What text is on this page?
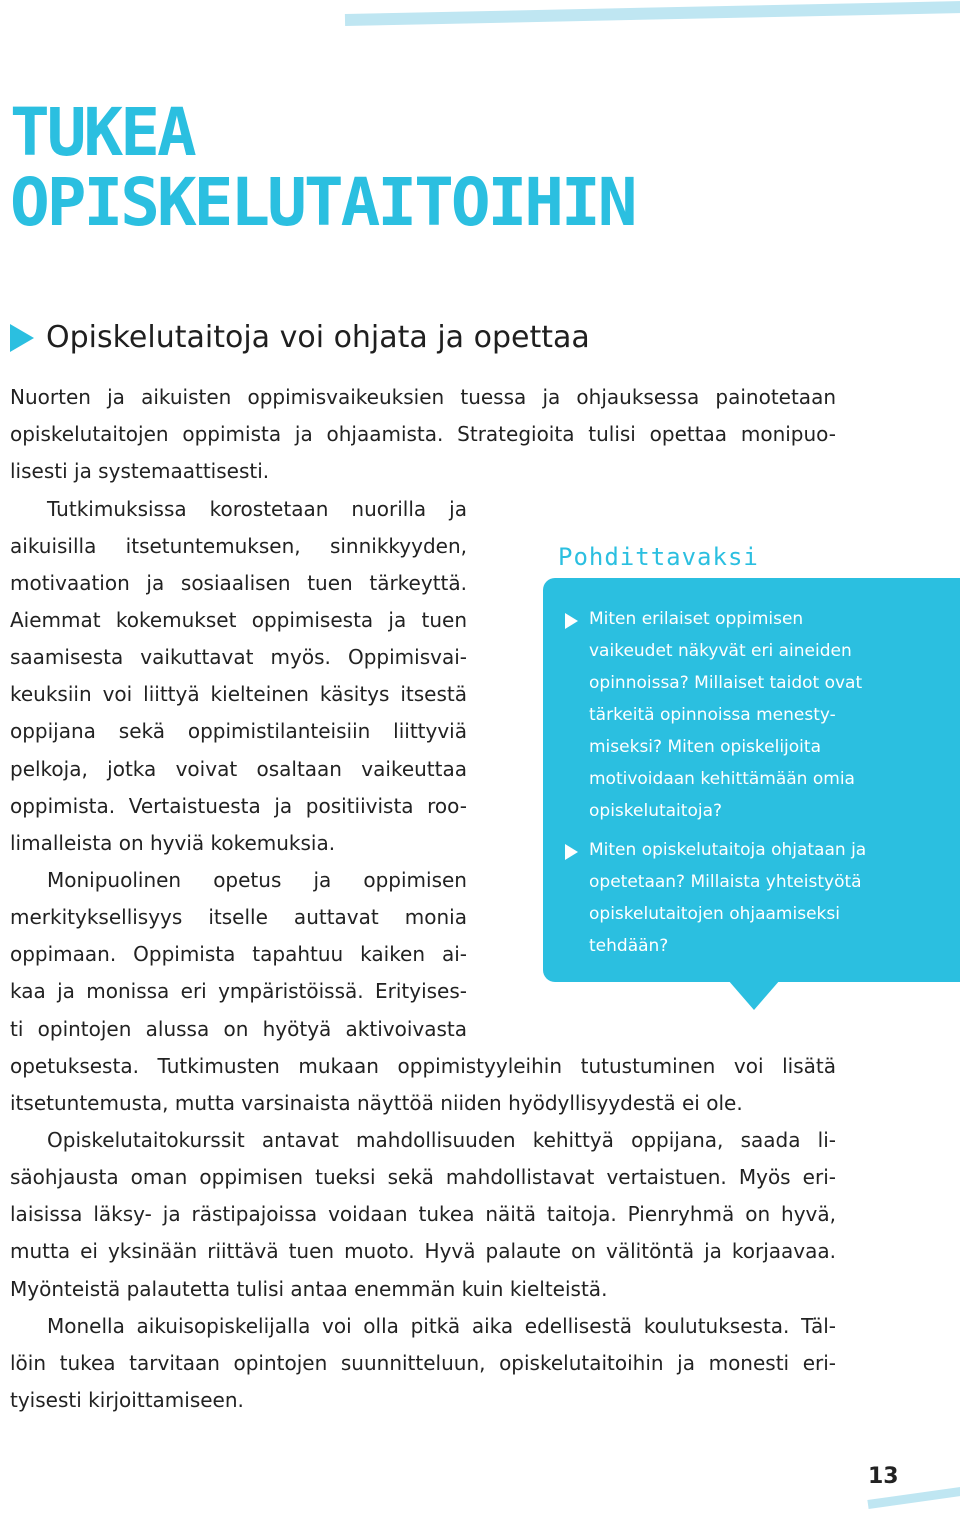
TUKEA
OPISKELUTAITOIHIN
Opiskelutaitoja voi ohjata ja opettaa

Nuorten ja aikuisten oppimisvaikeuksien tuessa ja ohjauksessa painotetaan

opiskelutaitojen oppimista ja ohjaamista. Strategioita tulisi opettaa monipuo-

lisesti ja systemaattisesti.

Tutkimuksissa korostetaan nuorilla ja

aikuisilla itsetuntemuksen, sinnikkyyden,

motivaation ja sosiaalisen tuen tärkeyttä.

Aiemmat kokemukset oppimisesta ja tuen

saamisesta vaikuttavat myös. Oppimisvai-

keuksiin voi liittyä kielteinen käsitys itsestä

oppijana sekä oppimistilanteisiin liittyviä

pelkoja, jotka voivat osaltaan vaikeuttaa

oppimista. Vertaistuesta ja positiivista roo-

limalleista on hyviä kokemuksia.

Monipuolinen opetus ja oppimisen

merkityksellisyys itselle auttavat monia

oppimaan. Oppimista tapahtuu kaiken ai-

kaa ja monissa eri ympäristöissä. Erityises-

ti opintojen alussa on hyötyä aktivoivasta

opetuksesta. Tutkimusten mukaan oppimistyyleihin tutustuminen voi lisätä

itsetuntemusta, mutta varsinaista näyttöä niiden hyödyllisyydestä ei ole.

Opiskelutaitokurssit antavat mahdollisuuden kehittyä oppijana, saada li-

säohjausta oman oppimisen tueksi sekä mahdollistavat vertaistuen. Myös eri-

laisissa läksy- ja rästipajoissa voidaan tukea näitä taitoja. Pienryhmä on hyvä,

mutta ei yksinään riittävä tuen muoto. Hyvä palaute on välitöntä ja korjaavaa.

Myönteistä palautetta tulisi antaa enemmän kuin kielteistä.

Monella aikuisopiskelijalla voi olla pitkä aika edellisestä koulutuksesta. Täl-

löin tukea tarvitaan opintojen suunnitteluun, opiskelutaitoihin ja monesti eri-

tyisesti kirjoittamiseen.

Pohdittavaksi

Miten erilaiset oppimisen

vaikeudet näkyvät eri aineiden

opinnoissa? Millaiset taidot ovat

tärkeitä opinnoissa menesty-

miseksi? Miten opiskelijoita

motivoidaan kehittämään omia

opiskelutaitoja?

Miten opiskelutaitoja ohjataan ja

opetetaan? Millaista yhteistyötä

opiskelutaitojen ohjaamiseksi

tehdään?

13
